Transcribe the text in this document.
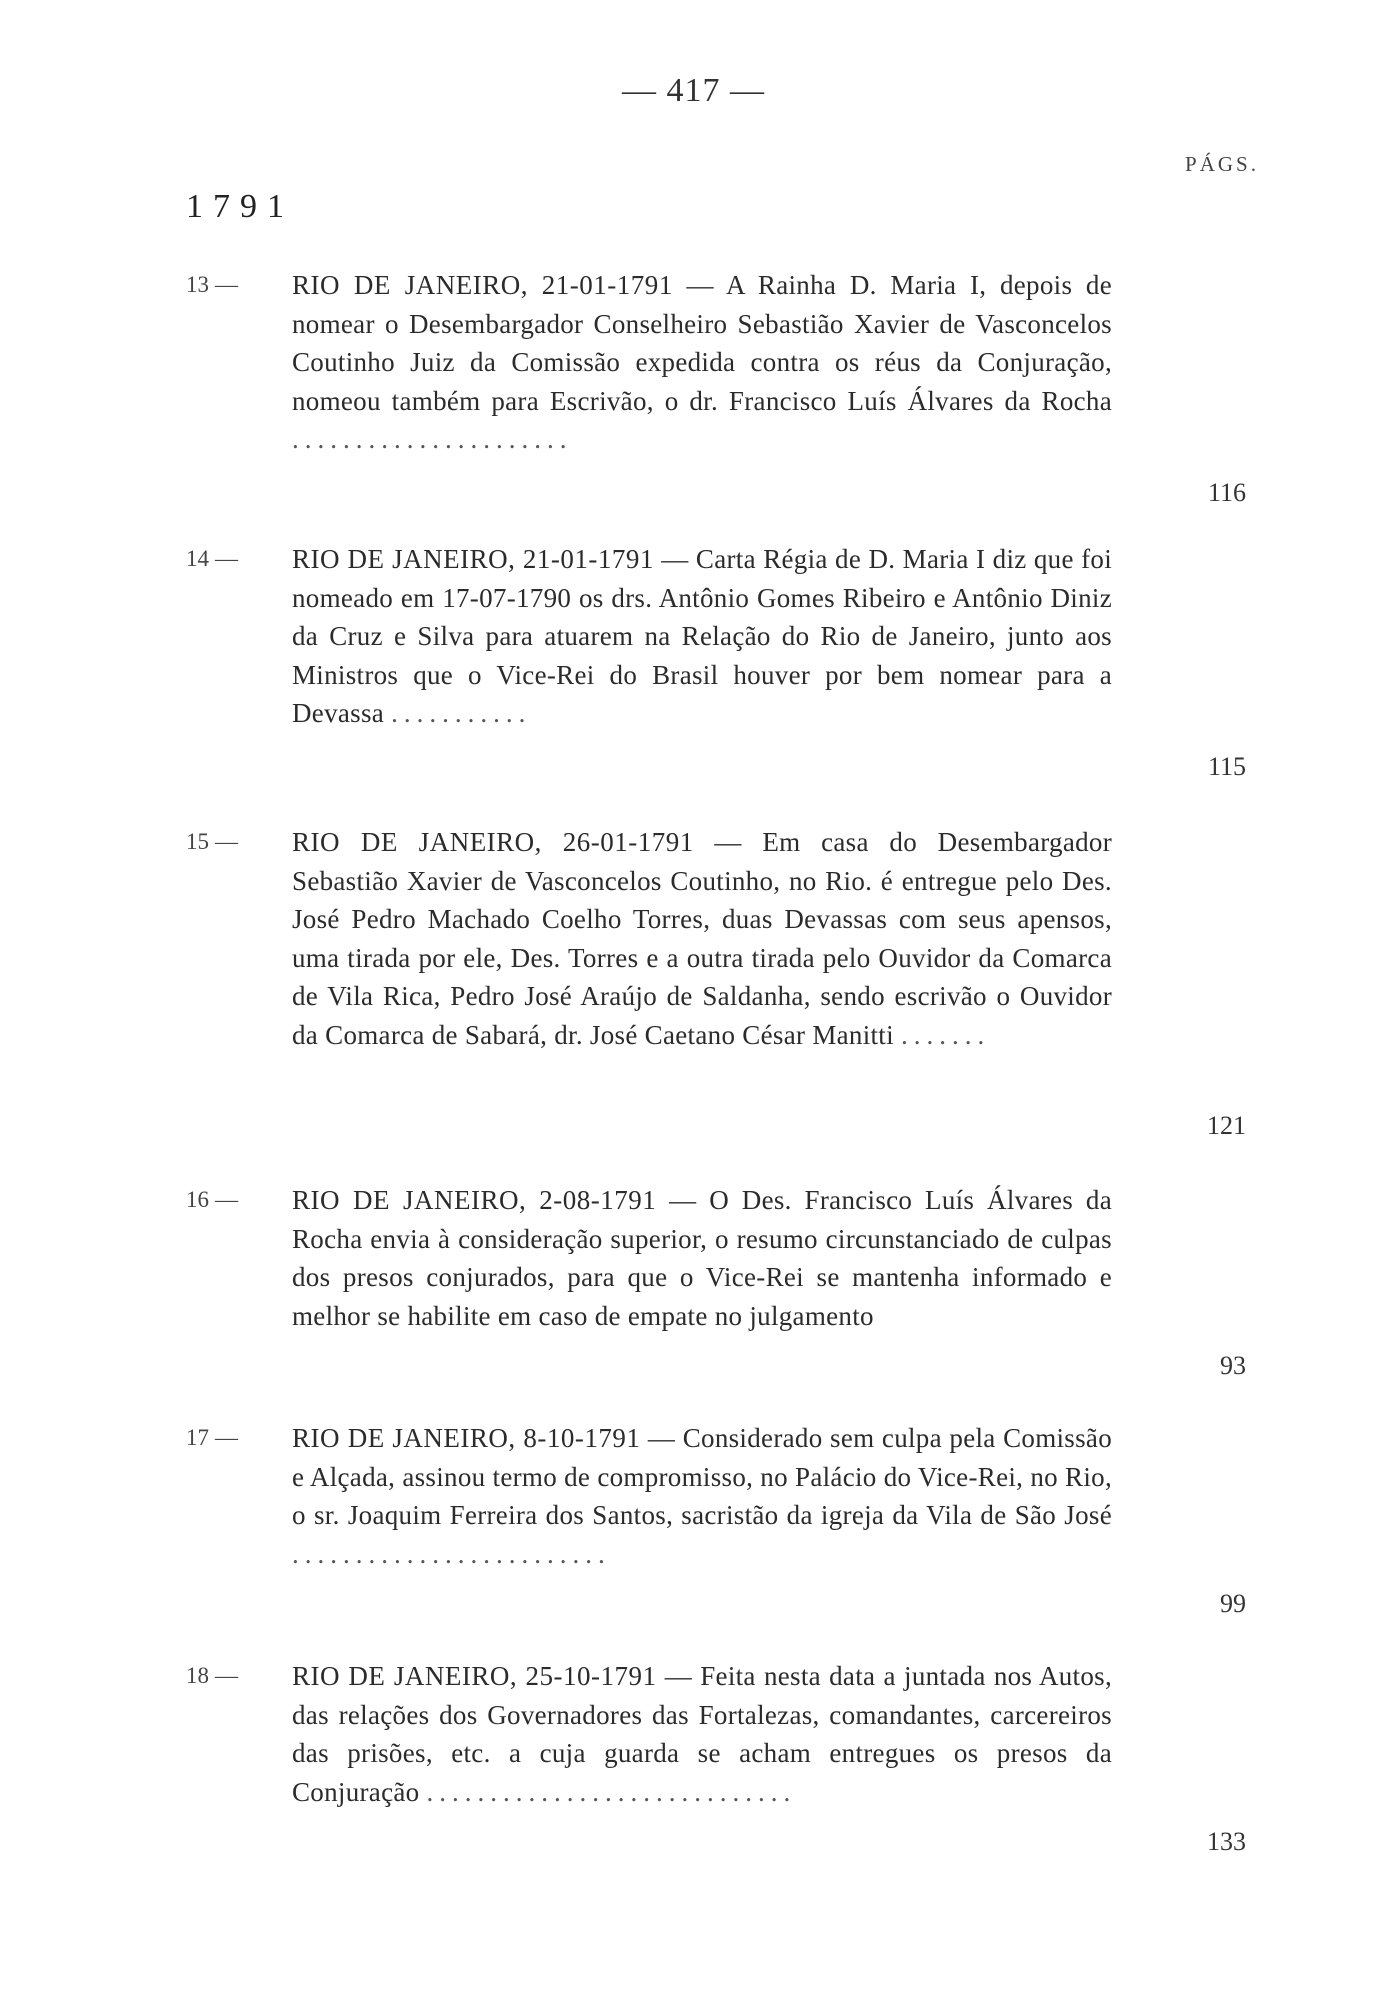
— 417 —
PÁGS.
1791
13 —	RIO DE JANEIRO, 21-01-1791 — A Rainha D. Maria I, depois de nomear o Desembargador Conselheiro Sebastião Xavier de Vasconcelos Coutinho Juiz da Comissão expedida contra os réus da Conjuração, nomeou também para Escrivão, o dr. Francisco Luís Álvares da Rocha ......................
116
14 —	RIO DE JANEIRO, 21-01-1791 — Carta Régia de D. Maria I diz que foi nomeado em 17-07-1790 os drs. Antônio Gomes Ribeiro e Antônio Diniz da Cruz e Silva para atuarem na Relação do Rio de Janeiro, junto aos Ministros que o Vice-Rei do Brasil houver por bem nomear para a Devassa ...........
115
15 —	RIO DE JANEIRO, 26-01-1791 — Em casa do Desembargador Sebastião Xavier de Vasconcelos Coutinho, no Rio. é entregue pelo Des. José Pedro Machado Coelho Torres, duas Devassas com seus apensos, uma tirada por ele, Des. Torres e a outra tirada pelo Ouvidor da Comarca de Vila Rica, Pedro José Araújo de Saldanha, sendo escrivão o Ouvidor da Comarca de Sabará, dr. José Caetano César Manitti .......
121
16 —	RIO DE JANEIRO, 2-08-1791 — O Des. Francisco Luís Álvares da Rocha envia à consideração superior, o resumo circunstanciado de culpas dos presos conjurados, para que o Vice-Rei se mantenha informado e melhor se habilite em caso de empate no julgamento
93
17 —	RIO DE JANEIRO, 8-10-1791 — Considerado sem culpa pela Comissão e Alçada, assinou termo de compromisso, no Palácio do Vice-Rei, no Rio, o sr. Joaquim Ferreira dos Santos, sacristão da igreja da Vila de São José .........................
99
18 —	RIO DE JANEIRO, 25-10-1791 — Feita nesta data a juntada nos Autos, das relações dos Governadores das Fortalezas, comandantes, carcereiros das prisões, etc. a cuja guarda se acham entregues os presos da Conjuração .............................
133
